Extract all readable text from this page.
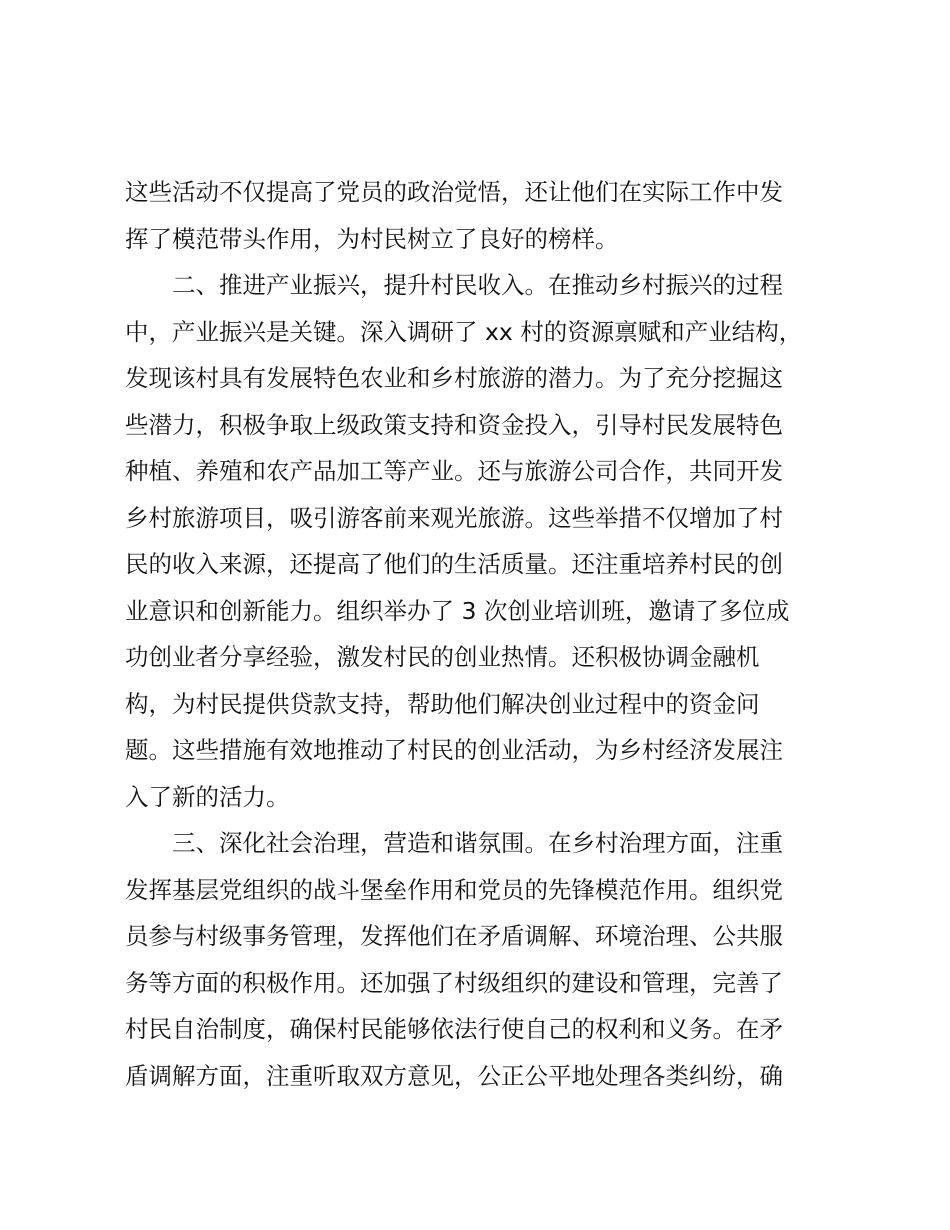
这些活动不仅提高了党员的政治觉悟，还让他们在实际工作中发
挥了模范带头作用，为村民树立了良好的榜样。
二、推进产业振兴，提升村民收入。在推动乡村振兴的过程
中，产业振兴是关键。深入调研了 xx 村的资源禀赋和产业结构，
发现该村具有发展特色农业和乡村旅游的潜力。为了充分挖掘这
些潜力，积极争取上级政策支持和资金投入，引导村民发展特色
种植、养殖和农产品加工等产业。还与旅游公司合作，共同开发
乡村旅游项目，吸引游客前来观光旅游。这些举措不仅增加了村
民的收入来源，还提高了他们的生活质量。还注重培养村民的创
业意识和创新能力。组织举办了 3 次创业培训班，邀请了多位成
功创业者分享经验，激发村民的创业热情。还积极协调金融机
构，为村民提供贷款支持，帮助他们解决创业过程中的资金问
题。这些措施有效地推动了村民的创业活动，为乡村经济发展注
入了新的活力。
三、深化社会治理，营造和谐氛围。在乡村治理方面，注重
发挥基层党组织的战斗堡垒作用和党员的先锋模范作用。组织党
员参与村级事务管理，发挥他们在矛盾调解、环境治理、公共服
务等方面的积极作用。还加强了村级组织的建设和管理，完善了
村民自治制度，确保村民能够依法行使自己的权利和义务。在矛
盾调解方面，注重听取双方意见，公正公平地处理各类纠纷，确
